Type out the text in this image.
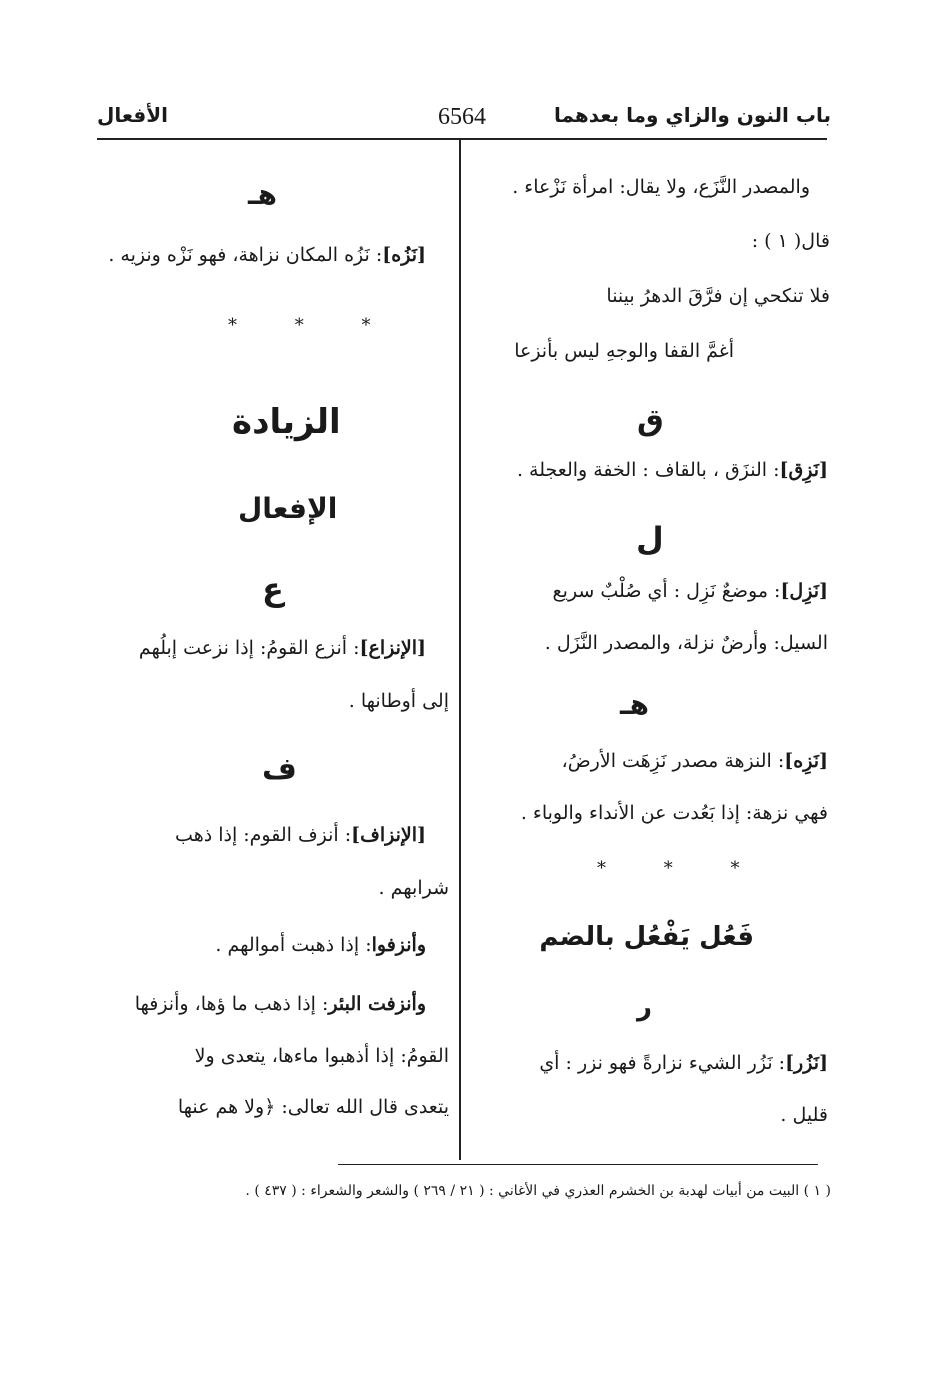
باب النون والزاي وما بعدهما
6564
الأفعال
والمصدر النَّزَع، ولا يقال: امرأة نَزْعاء .
قال( ١ ) :
فلا تنكحي إن فرَّقَ الدهرُ بيننا
أغمَّ القفا والوجهِ ليس بأنزعا
ق
[نَزِق]: النزَق ، بالقاف : الخفة والعجلة .
ل
[نَزِل]: موضعٌ نَزِل : أي صُلْبٌ سريع
السيل: وأرضٌ نزلة، والمصدر النَّزَل .
هـ
[نَزِه]: النزهة مصدر نَزِهَت الأرضُ،
فهي نزهة: إذا بَعُدت عن الأنداء والوباء .
* * *
فَعُل يَفْعُل بالضم
ر
[نَزُر]: نَزُر الشيء نزارةً فهو نزر : أي
قليل .
هـ
[نَزُه]: نَزُه المكان نزاهة، فهو نَزْه ونزيه .
* * *
الزيادة
الإفعال
ع
[الإنزاع]: أنزع القومُ: إذا نزعت إبلُهم
إلى أوطانها .
ف
[الإنزاف]: أنزف القوم: إذا ذهب
شرابهم .
وأنزفوا: إذا ذهبت أموالهم .
وأنزفت البئر: إذا ذهب ما ؤها، وأنزفها
القومُ: إذا أذهبوا ماءها، يتعدى ولا
يتعدى قال الله تعالى: ﴿ولا هم عنها
( ١ ) البيت من أبيات لهدبة بن الخشرم العذري في الأغاني : ( ٢١ / ٢٦٩ ) والشعر والشعراء : ( ٤٣٧ ) .
